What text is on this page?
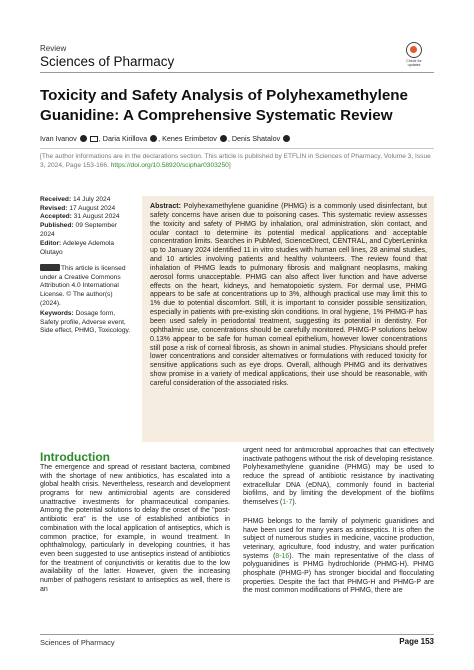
Review
Sciences of Pharmacy	Check for updates
Toxicity and Safety Analysis of Polyhexamethylene Guanidine: A Comprehensive Systematic Review
Ivan Ivanov	, Daria Kirillova , Kenes Erimbetov , Denis Shatalov
[The author informations are in the declarations section. This article is published by ETFLIN in Sciences of Pharmacy, Volume 3, Issue 3, 2024, Page 153-166. https://doi.org/10.58920/sciphar0303250]
Received: 14 July 2024
Revised: 17 August 2024
Accepted: 31 August 2024
Published: 09 September 2024
Editor: Adeleye Ademola Olutayo
This article is licensed under a Creative Commons Attribution 4.0 International License. © The author(s) (2024).
Keywords: Dosage form, Safety profile, Adverse event, Side effect, PHMG, Toxicology.
Abstract: Polyhexamethylene guanidine (PHMG) is a commonly used disinfectant, but safety concerns have arisen due to poisoning cases. This systematic review assesses the toxicity and safety of PHMG by inhalation, oral administration, skin contact, and ocular contact to determine its potential medical applications and acceptable concentration limits. Searches in PubMed, ScienceDirect, CENTRAL, and CyberLeninka up to January 2024 identified 11 in vitro studies with human cell lines, 28 animal studies, and 10 articles involving patients and healthy volunteers. The review found that inhalation of PHMG leads to pulmonary fibrosis and malignant neoplasms, making aerosol forms unacceptable. PHMG can also affect liver function and have adverse effects on the heart, kidneys, and hematopoietic system. For dermal use, PHMG appears to be safe at concentrations up to 3%, although practical use may limit this to 1% due to potential discomfort. Still, it is important to consider possible sensitization, especially in patients with pre-existing skin conditions. In oral hygiene, 1% PHMG-P has been used safely in periodontal treatment, suggesting its potential in dentistry. For ophthalmic use, concentrations should be carefully monitored. PHMG-P solutions below 0.13% appear to be safe for human corneal epithelium, however lower concentrations still pose a risk of corneal fibrosis, as shown in animal studies. Physicians should prefer lower concentrations and consider alternatives or formulations with reduced toxicity for sensitive applications such as eye drops. Overall, although PHMG and its derivatives show promise in a variety of medical applications, their use should be reasonable, with careful consideration of the associated risks.
Introduction
The emergence and spread of resistant bacteria, combined with the shortage of new antibiotics, has escalated into a global health crisis. Nevertheless, research and development programs for new antimicrobial agents are considered unattractive investments for pharmaceutical companies. Among the potential solutions to delay the onset of the "post-antibiotic era" is the use of established antibiotics in combination with the local application of antiseptics, which is common practice, for example, in wound treatment. In ophthalmology, particularly in developing countries, it has even been suggested to use antiseptics instead of antibiotics for the treatment of conjunctivitis or keratitis due to the low availability of the latter. However, given the increasing number of pathogens resistant to antiseptics as well, there is an

urgent need for antimicrobial approaches that can effectively inactivate pathogens without the risk of developing resistance. Polyhexamethylene guanidine (PHMG) may be used to reduce the spread of antibiotic resistance by inactivating extracellular DNA (eDNA), commonly found in bacterial biofilms, and by limiting the development of the biofilms themselves (1-7).

PHMG belongs to the family of polymeric guanidines and have been used for many years as antiseptics. It is often the subject of numerous studies in medicine, vaccine production, veterinary, agriculture, food industry, and water purification systems (8-16). The main representative of the class of polyguanidines is PHMG hydrochloride (PHMG-H). PHMG phosphate (PHMG-P) has stronger biocidal and flocculating properties. Despite the fact that PHMG-H and PHMG-P are the most common modifications of PHMG, there are

Sciences of Pharmacy	Page 153
